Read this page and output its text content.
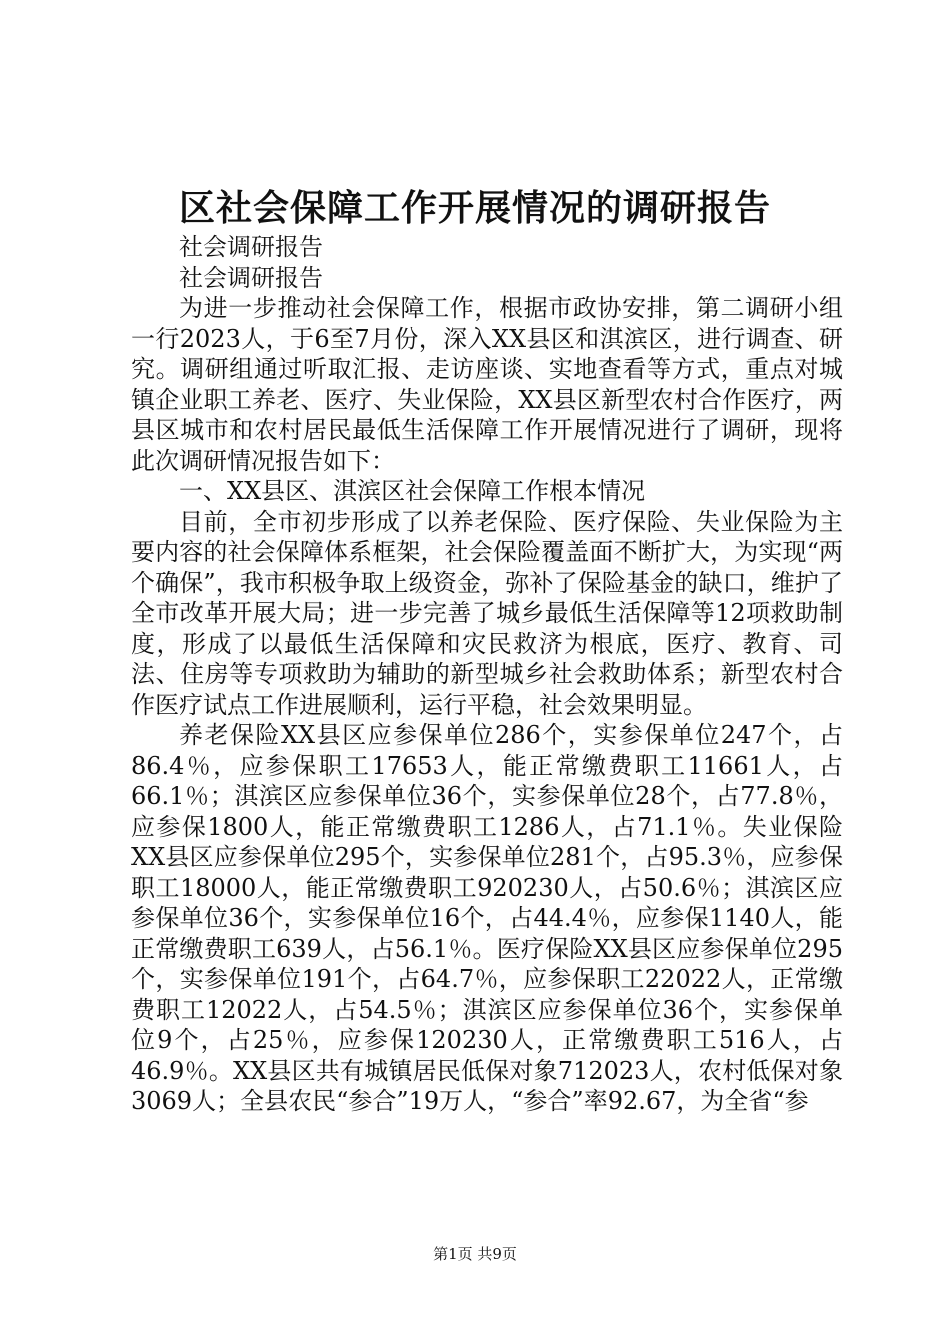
区社会保障工作开展情况的调研报告

社会调研报告

社会调研报告

为进一步推动社会保障工作，根据市政协安排，第二调研小组一行2023人，于6至7月份，深入XX县区和淇滨区，进行调查、研究。调研组通过听取汇报、走访座谈、实地查看等方式，重点对城镇企业职工养老、医疗、失业保险，XX县区新型农村合作医疗，两县区城市和农村居民最低生活保障工作开展情况进行了调研，现将此次调研情况报告如下：

一、XX县区、淇滨区社会保障工作根本情况

目前，全市初步形成了以养老保险、医疗保险、失业保险为主要内容的社会保障体系框架，社会保险覆盖面不断扩大，为实现“两个确保”，我市积极争取上级资金，弥补了保险基金的缺口，维护了全市改革开展大局；进一步完善了城乡最低生活保障等12项救助制度，形成了以最低生活保障和灾民救济为根底，医疗、教育、司法、住房等专项救助为辅助的新型城乡社会救助体系；新型农村合作医疗试点工作进展顺利，运行平稳，社会效果明显。

养老保险XX县区应参保单位286个，实参保单位247个，占86.4％，应参保职工17653人，能正常缴费职工11661人，占66.1％；淇滨区应参保单位36个，实参保单位28个，占77.8％，应参保1800人，能正常缴费职工1286人，占71.1％。失业保险XX县区应参保单位295个，实参保单位281个，占95.3％，应参保职工18000人，能正常缴费职工920230人，占50.6％；淇滨区应参保单位36个，实参保单位16个，占44.4％，应参保1140人，能正常缴费职工639人，占56.1％。医疗保险XX县区应参保单位295个，实参保单位191个，占64.7％，应参保职工22022人，正常缴费职工12022人，占54.5％；淇滨区应参保单位36个，实参保单位9个，占25％，应参保120230人，正常缴费职工516人，占46.9％。XX县区共有城镇居民低保对象712023人，农村低保对象3069人；全县农民“参合”19万人，“参合”率92.67，为全省“参

第1页 共9页
